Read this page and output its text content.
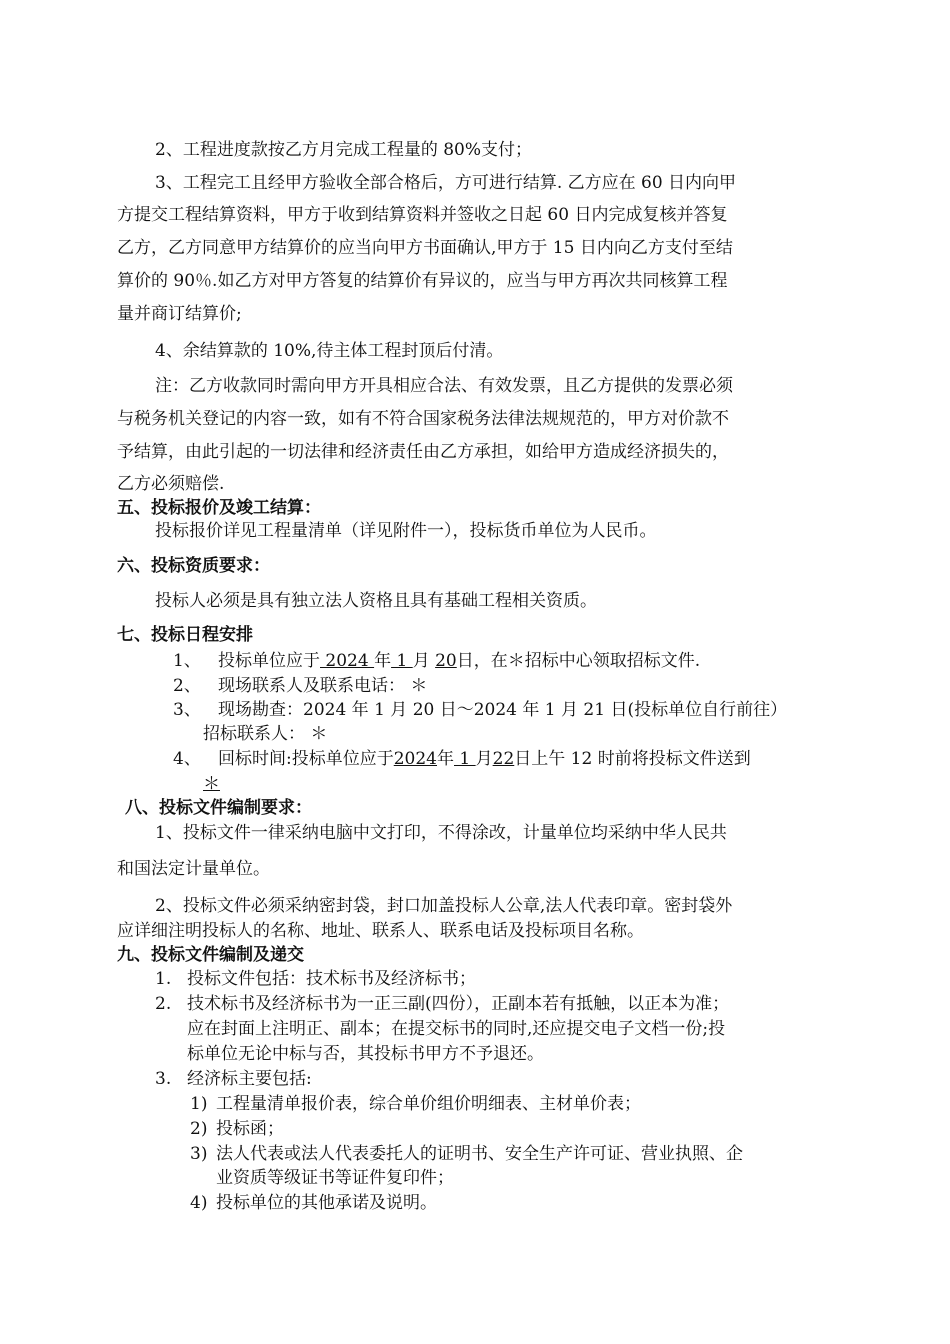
2、工程进度款按乙方月完成工程量的 80%支付；
3、工程完工且经甲方验收全部合格后，方可进行结算. 乙方应在 60 日内向甲
方提交工程结算资料，甲方于收到结算资料并签收之日起 60 日内完成复核并答复
乙方，乙方同意甲方结算价的应当向甲方书面确认,甲方于 15 日内向乙方支付至结
算价的 90％.如乙方对甲方答复的结算价有异议的，应当与甲方再次共同核算工程
量并商订结算价;
4、余结算款的 10%,待主体工程封顶后付清。
注：乙方收款同时需向甲方开具相应合法、有效发票，且乙方提供的发票必须
与税务机关登记的内容一致，如有不符合国家税务法律法规规范的，甲方对价款不
予结算，由此引起的一切法律和经济责任由乙方承担，如给甲方造成经济损失的，
乙方必须赔偿.
五、投标报价及竣工结算：
投标报价详见工程量清单（详见附件一），投标货币单位为人民币。
六、投标资质要求：
投标人必须是具有独立法人资格且具有基础工程相关资质。
七、投标日程安排
1、 投标单位应于 2024 年 1 月 20日，在＊招标中心领取招标文件.
2、 现场联系人及联系电话： ＊
3、 现场勘查：2024 年 1 月 20 日～2024 年 1 月 21 日(投标单位自行前往）
招标联系人： ＊
4、 回标时间:投标单位应于2024年 1 月22日上午 12 时前将投标文件送到
＊
八、投标文件编制要求：
1、投标文件一律采纳电脑中文打印，不得涂改，计量单位均采纳中华人民共
和国法定计量单位。
2、投标文件必须采纳密封袋，封口加盖投标人公章,法人代表印章。密封袋外
应详细注明投标人的名称、地址、联系人、联系电话及投标项目名称。
九、投标文件编制及递交
1. 投标文件包括：技术标书及经济标书；
2. 技术标书及经济标书为一正三副(四份），正副本若有抵触，以正本为准；
应在封面上注明正、副本；在提交标书的同时,还应提交电子文档一份;投
标单位无论中标与否，其投标书甲方不予退还。
3. 经济标主要包括:
1) 工程量清单报价表，综合单价组价明细表、主材单价表；
2) 投标函；
3) 法人代表或法人代表委托人的证明书、安全生产许可证、营业执照、企
业资质等级证书等证件复印件；
4) 投标单位的其他承诺及说明。
